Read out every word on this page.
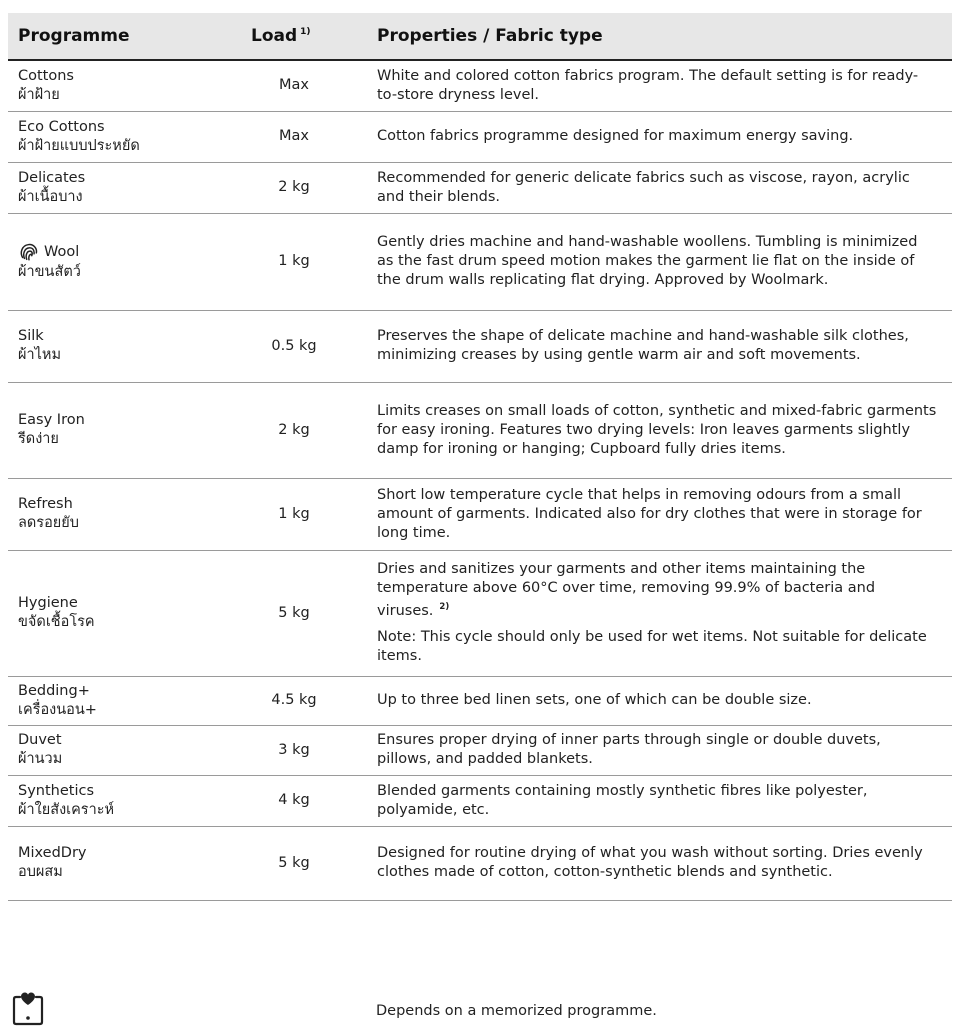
Programme	Load $^{1)}$	Properties / Fabric type

Cottons
ผ้าฝ้าย	Max	White and colored cotton fabrics program. The default setting is for ready-to-store dryness level.

Eco Cottons
ผ้าฝ้ายแบบประหยัด	Max	Cotton fabrics programme designed for maximum energy saving.

Delicates
ผ้าเนื้อบาง	2 kg	Recommended for generic delicate fabrics such as viscose, rayon, acrylic and their blends.

Wool
ผ้าขนสัตว์	1 kg	Gently dries machine and hand-washable woollens. Tumbling is minimized as the fast drum speed motion makes the garment lie flat on the inside of the drum walls replicating flat drying. Approved by Woolmark.

Silk
ผ้าไหม	0.5 kg	Preserves the shape of delicate machine and hand-washable silk clothes, minimizing creases by using gentle warm air and soft movements.

Easy Iron
รีดง่าย	2 kg	Limits creases on small loads of cotton, synthetic and mixed-fabric garments for easy ironing. Features two drying levels: Iron leaves garments slightly damp for ironing or hanging; Cupboard fully dries items.

Refresh
ลดรอยยับ	1 kg	Short low temperature cycle that helps in removing odours from a small amount of garments. Indicated also for dry clothes that were in storage for long time.

Hygiene
ขจัดเชื้อโรค	5 kg	Dries and sanitizes your garments and other items maintaining the temperature above 60°C over time, removing 99.9% of bacteria and viruses. $^{2)}$
Note: This cycle should only be used for wet items. Not suitable for delicate items.

Bedding+
เครื่องนอน+	4.5 kg	Up to three bed linen sets, one of which can be double size.

Duvet
ผ้านวม	3 kg	Ensures proper drying of inner parts through single or double duvets, pillows, and padded blankets.

Synthetics
ผ้าใยสังเคราะห์	4 kg	Blended garments containing mostly synthetic fibres like polyester, polyamide, etc.

MixedDry
อบผสม	5 kg	Designed for routine drying of what you wash without sorting. Dries evenly clothes made of cotton, cotton-synthetic blends and synthetic.
Depends on a memorized programme.
